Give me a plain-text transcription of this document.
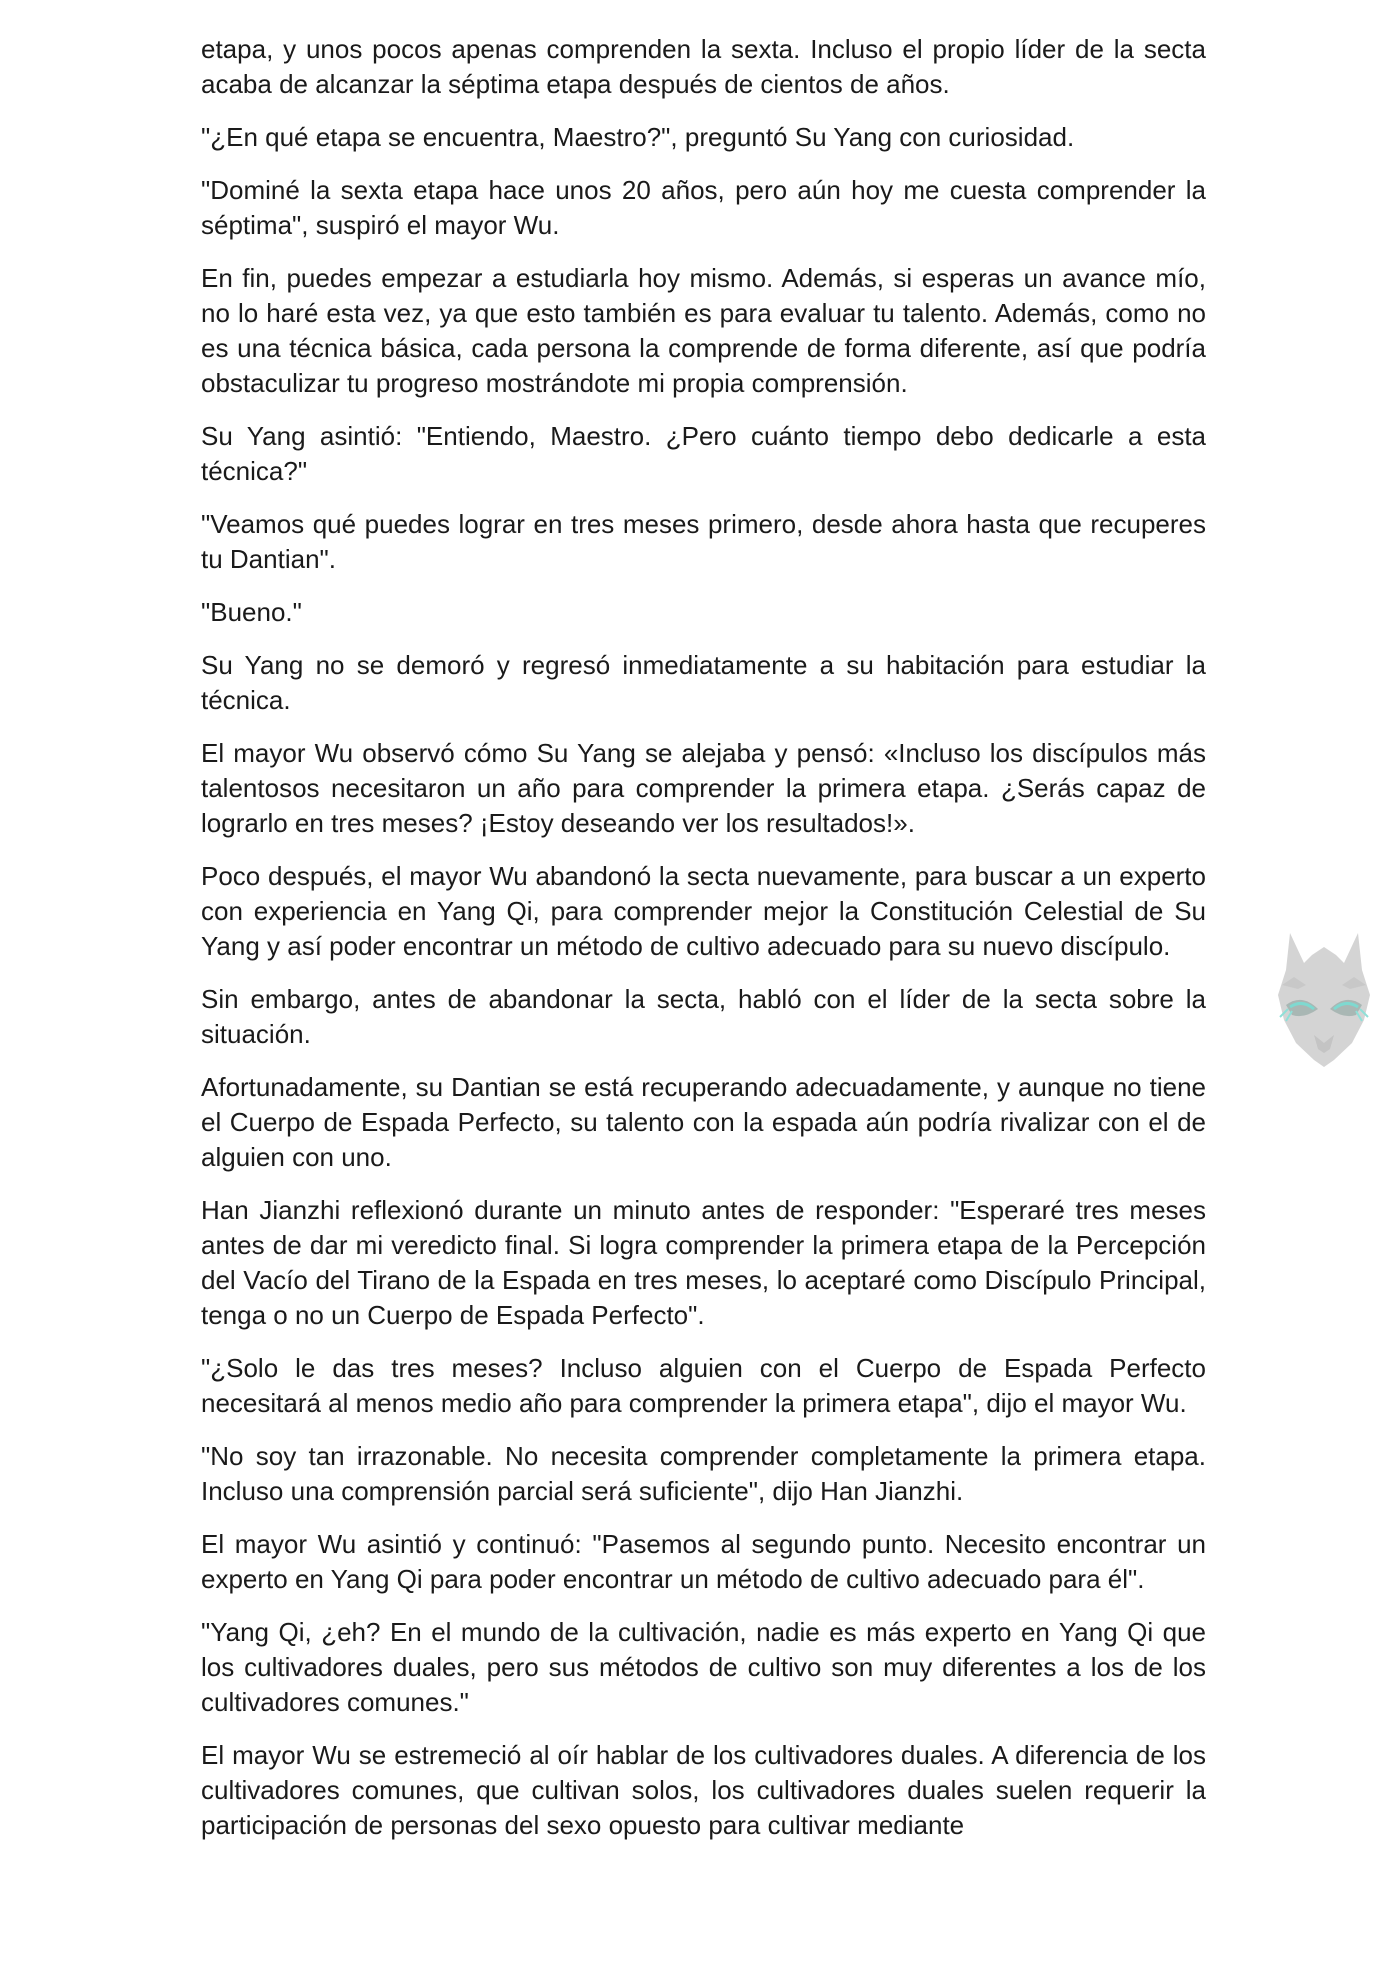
etapa, y unos pocos apenas comprenden la sexta. Incluso el propio líder de la secta acaba de alcanzar la séptima etapa después de cientos de años.

"¿En qué etapa se encuentra, Maestro?", preguntó Su Yang con curiosidad.

"Dominé la sexta etapa hace unos 20 años, pero aún hoy me cuesta comprender la séptima", suspiró el mayor Wu.

En fin, puedes empezar a estudiarla hoy mismo. Además, si esperas un avance mío, no lo haré esta vez, ya que esto también es para evaluar tu talento. Además, como no es una técnica básica, cada persona la comprende de forma diferente, así que podría obstaculizar tu progreso mostrándote mi propia comprensión.

Su Yang asintió: "Entiendo, Maestro. ¿Pero cuánto tiempo debo dedicarle a esta técnica?"

"Veamos qué puedes lograr en tres meses primero, desde ahora hasta que recuperes tu Dantian".

"Bueno."

Su Yang no se demoró y regresó inmediatamente a su habitación para estudiar la técnica.

El mayor Wu observó cómo Su Yang se alejaba y pensó: «Incluso los discípulos más talentosos necesitaron un año para comprender la primera etapa. ¿Serás capaz de lograrlo en tres meses? ¡Estoy deseando ver los resultados!».

Poco después, el mayor Wu abandonó la secta nuevamente, para buscar a un experto con experiencia en Yang Qi, para comprender mejor la Constitución Celestial de Su Yang y así poder encontrar un método de cultivo adecuado para su nuevo discípulo.

Sin embargo, antes de abandonar la secta, habló con el líder de la secta sobre la situación.

Afortunadamente, su Dantian se está recuperando adecuadamente, y aunque no tiene el Cuerpo de Espada Perfecto, su talento con la espada aún podría rivalizar con el de alguien con uno.

Han Jianzhi reflexionó durante un minuto antes de responder: "Esperaré tres meses antes de dar mi veredicto final. Si logra comprender la primera etapa de la Percepción del Vacío del Tirano de la Espada en tres meses, lo aceptaré como Discípulo Principal, tenga o no un Cuerpo de Espada Perfecto".

"¿Solo le das tres meses? Incluso alguien con el Cuerpo de Espada Perfecto necesitará al menos medio año para comprender la primera etapa", dijo el mayor Wu.

"No soy tan irrazonable. No necesita comprender completamente la primera etapa. Incluso una comprensión parcial será suficiente", dijo Han Jianzhi.

El mayor Wu asintió y continuó: "Pasemos al segundo punto. Necesito encontrar un experto en Yang Qi para poder encontrar un método de cultivo adecuado para él".

"Yang Qi, ¿eh? En el mundo de la cultivación, nadie es más experto en Yang Qi que los cultivadores duales, pero sus métodos de cultivo son muy diferentes a los de los cultivadores comunes."

El mayor Wu se estremeció al oír hablar de los cultivadores duales. A diferencia de los cultivadores comunes, que cultivan solos, los cultivadores duales suelen requerir la participación de personas del sexo opuesto para cultivar mediante
